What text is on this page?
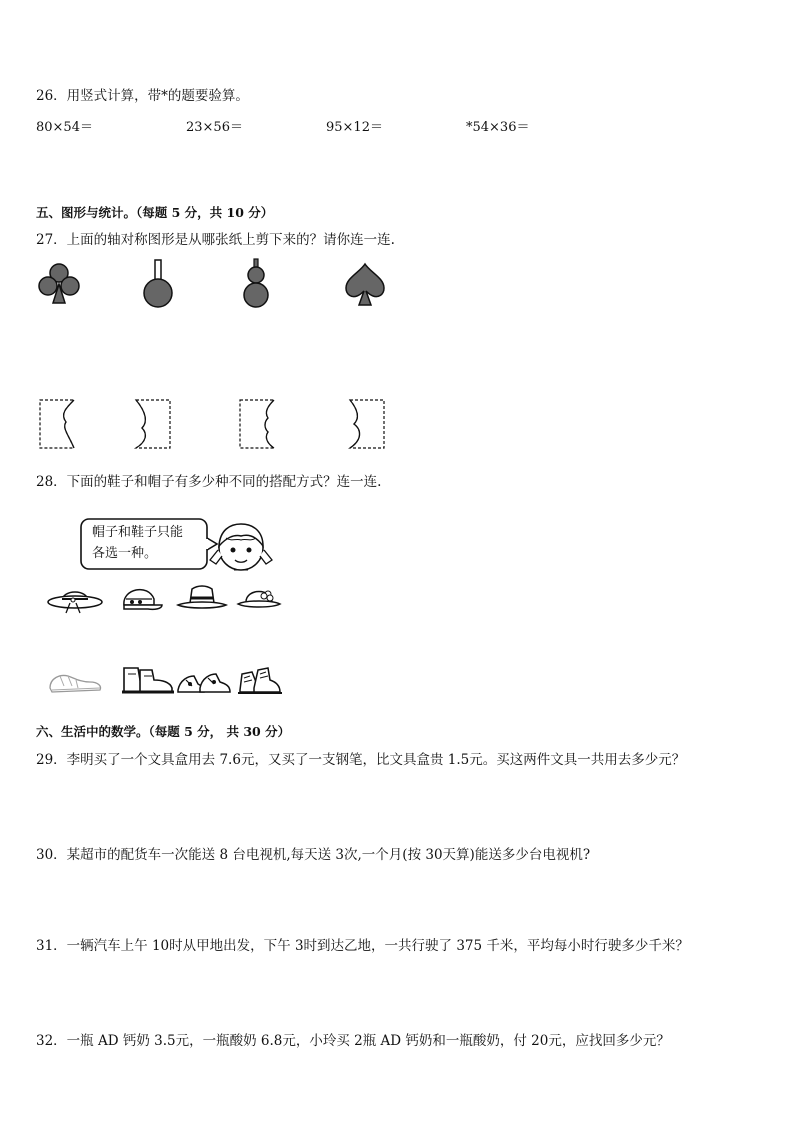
26．用竖式计算，带*的题要验算。
80×54＝	23×56＝	95×12＝	*54×36＝
五、图形与统计。（每题 5 分，共 10 分）
27．上面的轴对称图形是从哪张纸上剪下来的？请你连一连.
28．下面的鞋子和帽子有多少种不同的搭配方式？连一连.
帽子和鞋子只能
各选一种。
六、生活中的数学。（每题 5 分， 共 30 分）
29．李明买了一个文具盒用去 7.6元，又买了一支钢笔，比文具盒贵 1.5元。买这两件文具一共用去多少元？
30．某超市的配货车一次能送 8 台电视机,每天送 3次,一个月(按 30天算)能送多少台电视机?
31．一辆汽车上午 10时从甲地出发，下午 3时到达乙地，一共行驶了 375 千米，平均每小时行驶多少千米？
32．一瓶 AD 钙奶 3.5元，一瓶酸奶 6.8元，小玲买 2瓶 AD 钙奶和一瓶酸奶，付 20元，应找回多少元？
